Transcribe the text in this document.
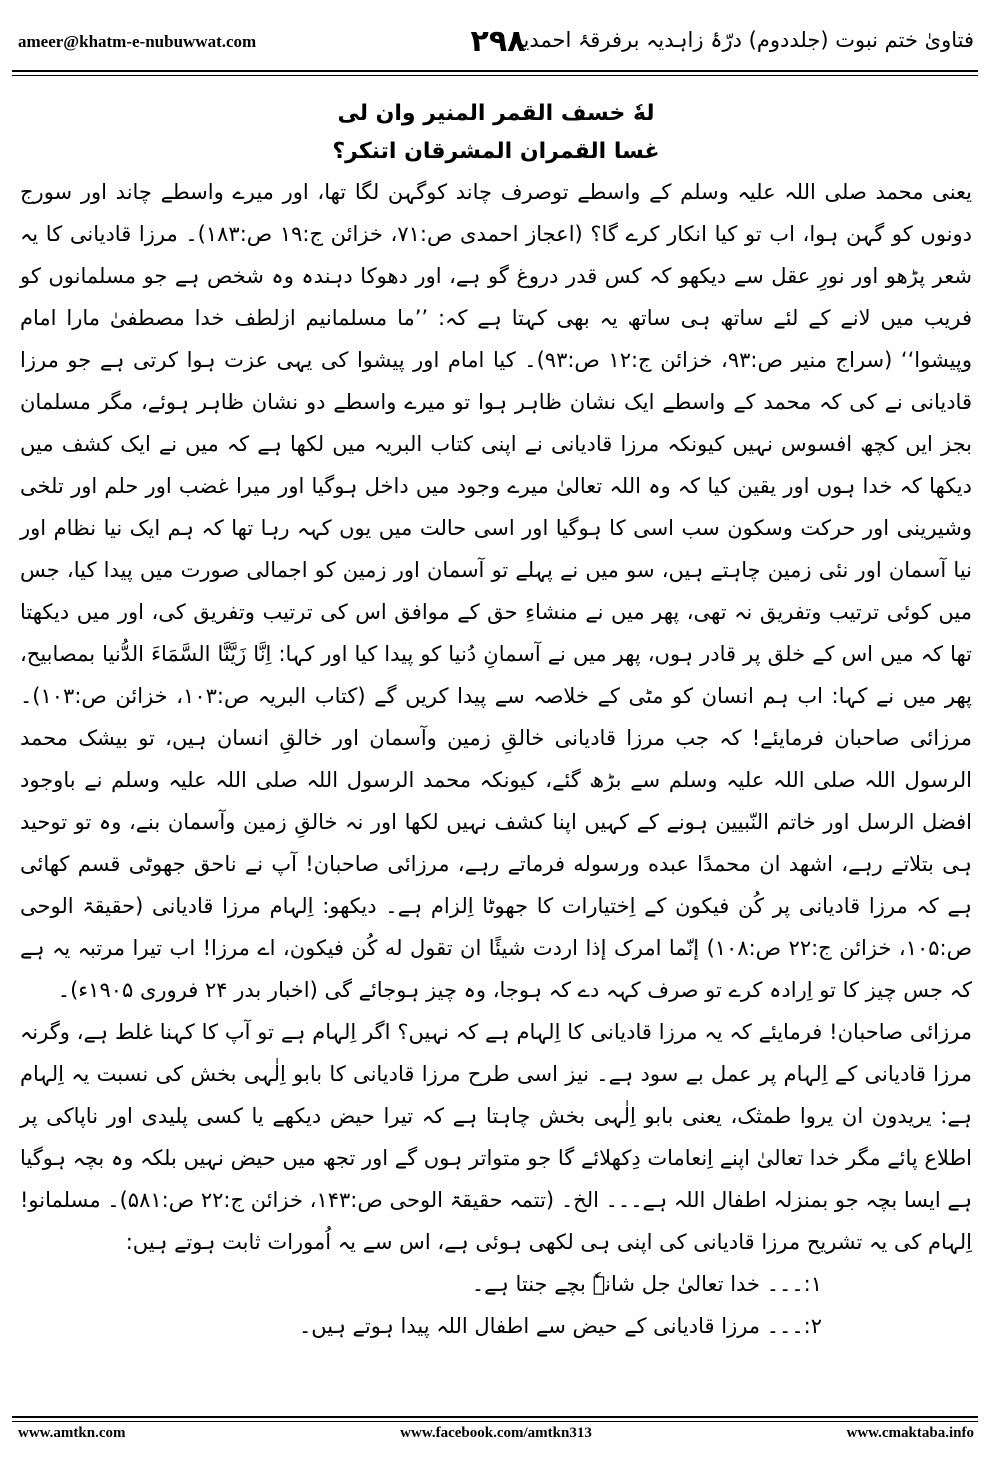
ameer@khatm-e-nubuwwat.com	۲۹۸
فتاویٰ ختم نبوت (جلددوم) درّۂ زاہدیہ برفرقۂ احمدیہ
لهٗ خسف القمر المنير وان لی
غسا القمران المشرقان اتنکر؟

یعنی محمد صلی اللہ علیہ وسلم کے واسطے توصرف چاند کوگہن لگا تھا، اور میرے واسطے چاند اور سورج دونوں کو گہن ہوا، اب تو کیا انکار کرے گا؟ (اعجاز احمدی ص:۷۱، خزائن ج:۱۹ ص:۱۸۳)۔ مرزا قادیانی کا یہ شعر پڑھو اور نورِ عقل سے دیکھو کہ کس قدر دروغ گو ہے، اور دھوکا دہندہ وہ شخص ہے جو مسلمانوں کو فریب میں لانے کے لئے ساتھ ہی ساتھ یہ بھی کہتا ہے کہ: ’’ما مسلمانیم ازلطف خدا مصطفیٰ مارا امام وپیشوا‘‘ (سراج منیر ص:۹۳، خزائن ج:۱۲ ص:۹۳)۔ کیا امام اور پیشوا کی یہی عزت ہوا کرتی ہے جو مرزا قادیانی نے کی کہ محمد کے واسطے ایک نشان ظاہر ہوا تو میرے واسطے دو نشان ظاہر ہوئے، مگر مسلمان بجز ایں کچھ افسوس نہیں کیونکہ مرزا قادیانی نے اپنی کتاب البریہ میں لکھا ہے کہ میں نے ایک کشف میں دیکھا کہ خدا ہوں اور یقین کیا کہ وہ اللہ تعالیٰ میرے وجود میں داخل ہوگیا اور میرا غضب اور حلم اور تلخی وشیرینی اور حرکت وسکون سب اسی کا ہوگیا اور اسی حالت میں یوں کہہ رہا تھا کہ ہم ایک نیا نظام اور نیا آسمان اور نئی زمین چاہتے ہیں، سو میں نے پہلے تو آسمان اور زمین کو اجمالی صورت میں پیدا کیا، جس میں کوئی ترتیب وتفریق نہ تھی، پھر میں نے منشاءِ حق کے موافق اس کی ترتیب وتفریق کی، اور میں دیکھتا تھا کہ میں اس کے خلق پر قادر ہوں، پھر میں نے آسمانِ دُنیا کو پیدا کیا اور کہا: اِنَّا زَیَّنَّا السَّمَاءَ الدُّنیا بمصابیح، پھر میں نے کہا: اب ہم انسان کو مٹی کے خلاصہ سے پیدا کریں گے (کتاب البریہ ص:۱۰۳، خزائن ص:۱۰۳)۔ مرزائی صاحبان فرمایئے! کہ جب مرزا قادیانی خالقِ زمین وآسمان اور خالقِ انسان ہیں، تو بیشک محمد الرسول اللہ صلی اللہ علیہ وسلم سے بڑھ گئے، کیونکہ محمد الرسول اللہ صلی اللہ علیہ وسلم نے باوجود افضل الرسل اور خاتم النّبیین ہونے کے کہیں اپنا کشف نہیں لکھا اور نہ خالقِ زمین وآسمان بنے، وہ تو توحید ہی بتلاتے رہے، اشهد ان محمدًا عبده ورسوله فرماتے رہے، مرزائی صاحبان! آپ نے ناحق جھوٹی قسم کھائی ہے کہ مرزا قادیانی پر کُن فیکون کے اِختیارات کا جھوٹا اِلزام ہے۔ دیکھو: اِلہام مرزا قادیانی (حقیقۃ الوحی ص:۱۰۵، خزائن ج:۲۲ ص:۱۰۸) إنّما امرک إذا اردت شيئًا ان تقول له کُن فيکون، اے مرزا! اب تیرا مرتبہ یہ ہے کہ جس چیز کا تو اِرادہ کرے تو صرف کہہ دے کہ ہوجا، وہ چیز ہوجائے گی (اخبار بدر ۲۴ فروری ۱۹۰۵ء)۔

مرزائی صاحبان! فرمایئے کہ یہ مرزا قادیانی کا اِلہام ہے کہ نہیں؟ اگر اِلہام ہے تو آپ کا کہنا غلط ہے، وگرنہ مرزا قادیانی کے اِلہام پر عمل بے سود ہے۔ نیز اسی طرح مرزا قادیانی کا بابو اِلٰہی بخش کی نسبت یہ اِلہام ہے: يريدون ان يروا طمثک، یعنی بابو اِلٰہی بخش چاہتا ہے کہ تیرا حیض دیکھے یا کسی پلیدی اور ناپاکی پر اطلاع پائے مگر خدا تعالیٰ اپنے اِنعامات دِکھلائے گا جو متواتر ہوں گے اور تجھ میں حیض نہیں بلکہ وہ بچہ ہوگیا ہے ایسا بچہ جو بمنزلہ اطفال اللہ ہے۔۔۔ الخ۔ (تتمہ حقیقۃ الوحی ص:۱۴۳، خزائن ج:۲۲ ص:۵۸۱)۔ مسلمانو! اِلہام کی یہ تشریح مرزا قادیانی کی اپنی ہی لکھی ہوئی ہے، اس سے یہ اُمورات ثابت ہوتے ہیں:

۱:۔۔۔ خدا تعالیٰ جل شانہٗ بچے جنتا ہے۔
۲:۔۔۔ مرزا قادیانی کے حیض سے اطفال اللہ پیدا ہوتے ہیں۔
www.amtkn.com	www.facebook.com/amtkn313	www.cmaktaba.info
